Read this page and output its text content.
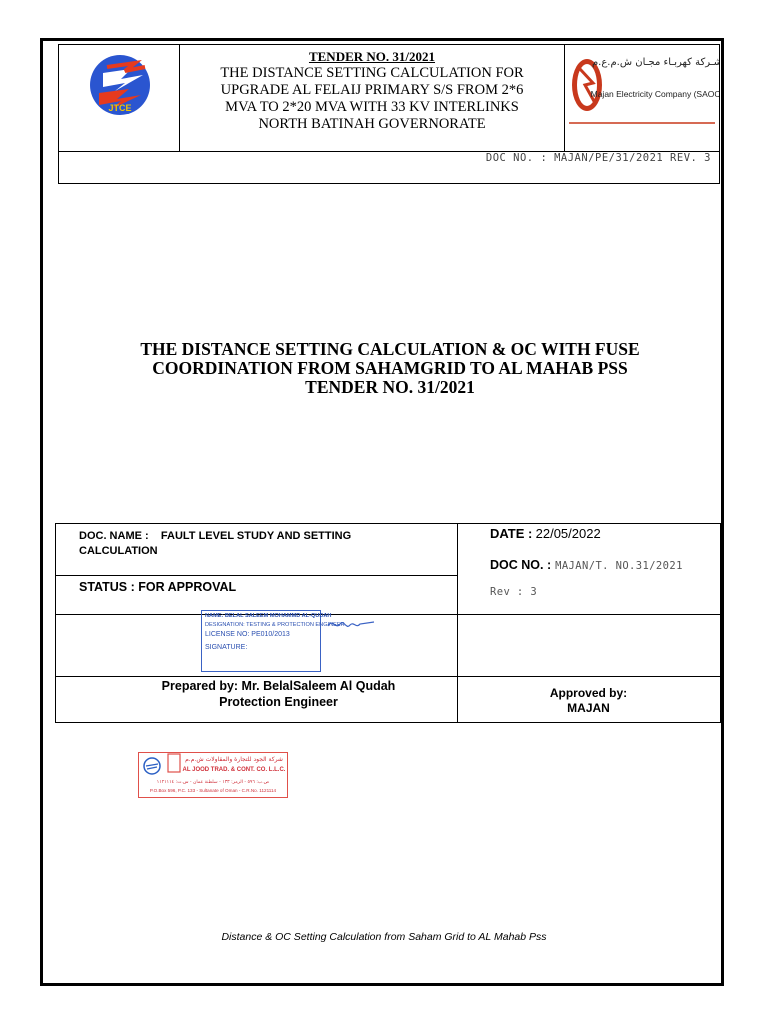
JTCE
TENDER NO. 31/2021
THE DISTANCE SETTING CALCULATION FOR
UPGRADE AL FELAIJ PRIMARY S/S FROM 2*6
MVA TO 2*20 MVA WITH 33 KV INTERLINKS
NORTH BATINAH GOVERNORATE
شـركة كهربـاء مجـان ش.م.ع.م
Majan Electricity Company (SAOC)
DOC NO. : MAJAN/PE/31/2021 REV. 3
THE DISTANCE SETTING CALCULATION & OC WITH FUSE
COORDINATION FROM SAHAMGRID TO AL MAHAB PSS
TENDER NO. 31/2021
DOC. NAME : FAULT LEVEL STUDY AND SETTING
CALCULATION
STATUS : FOR APPROVAL
DATE : 22/05/2022
DOC NO. : MAJAN/T. NO.31/2021
Rev : 3
NAME: BELAL SALEEM MOHAMMD AL-QUDAH
DESIGNATION: TESTING & PROTECTION ENGINEER
LICENSE NO: PE010/2013
SIGNATURE:
Prepared by: Mr. BelalSaleem Al Qudah
Protection Engineer
Approved by:
MAJAN
شركة الجود للتجارة والمقاولات ش.م.م
AL JOOD TRAD. & CONT. CO. L.L.C.
ص.ب: ٥٩٦ - الرمز: ١٣٣ - سلطنة عمان - س.ت: ١١٢١١١٤
P.O.Box 596, P.C. 133 - Sultanate of Oman - C.R.No. 1121114
Distance & OC Setting Calculation from Saham Grid to AL Mahab Pss
